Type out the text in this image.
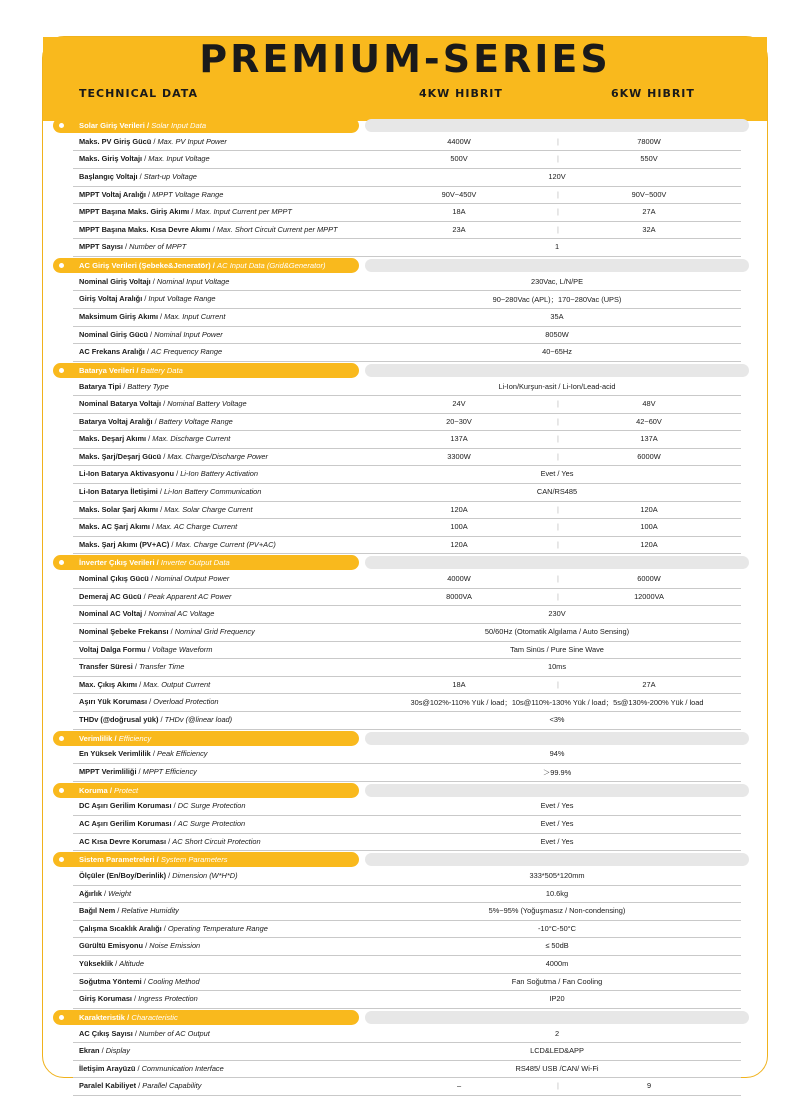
PREMIUM-SERIES
TECHNICAL DATA	4KW HIBRIT	6KW HIBRIT
Solar Giriş Verileri / Solar Input Data
Maks. PV Giriş Gücü / Max. PV Input Power	4400W	|	7800W
Maks. Giriş Voltajı / Max. Input Voltage	500V	|	550V
Başlangıç Voltajı / Start-up Voltage	120V
MPPT Voltaj Aralığı / MPPT Voltage Range	90V~450V	|	90V~500V
MPPT Başına Maks. Giriş Akımı / Max. Input Current per MPPT	18A	|	27A
MPPT Başına Maks. Kısa Devre Akımı / Max. Short Circuit Current per MPPT	23A	|	32A
MPPT Sayısı / Number of MPPT	1
AC Giriş Verileri (Şebeke&Jeneratör) / AC Input Data (Grid&Generator)
Nominal Giriş Voltajı / Nominal Input Voltage	230Vac, L/N/PE
Giriş Voltaj Aralığı / Input Voltage Range	90~280Vac (APL)；170~280Vac (UPS)
Maksimum Giriş Akımı / Max. Input Current	35A
Nominal Giriş Gücü / Nominal Input Power	8050W
AC Frekans Aralığı / AC Frequency Range	40~65Hz
Batarya Verileri / Battery Data
Batarya Tipi / Battery Type	Li-Ion/Kurşun-asit / Li-Ion/Lead-acid
Nominal Batarya Voltajı / Nominal Battery Voltage	24V	|	48V
Batarya Voltaj Aralığı / Battery Voltage Range	20~30V	|	42~60V
Maks. Deşarj Akımı / Max. Discharge Current	137A	|	137A
Maks. Şarj/Deşarj Gücü / Max. Charge/Discharge Power	3300W	|	6000W
Li-Ion Batarya Aktivasyonu / Li-Ion Battery Activation	Evet / Yes
Li-Ion Batarya İletişimi / Li-Ion Battery Communication	CAN/RS485
Maks. Solar Şarj Akımı / Max. Solar Charge Current	120A	|	120A
Maks. AC Şarj Akımı / Max. AC Charge Current	100A	|	100A
Maks. Şarj Akımı (PV+AC) / Max. Charge Current (PV+AC)	120A	|	120A
İnverter Çıkış Verileri / Inverter Output Data
Nominal Çıkış Gücü / Nominal Output Power	4000W	|	6000W
Demeraj AC Gücü / Peak Apparent AC Power	8000VA	|	12000VA
Nominal AC Voltaj / Nominal AC Voltage	230V
Nominal Şebeke Frekansı / Nominal Grid Frequency	50/60Hz (Otomatik Algılama / Auto Sensing)
Voltaj Dalga Formu / Voltage Waveform	Tam Sinüs / Pure Sine Wave
Transfer Süresi / Transfer Time	10ms
Max. Çıkış Akımı / Max. Output Current	18A	|	27A
Aşırı Yük Koruması / Overload Protection	30s@102%-110% Yük / load；10s@110%-130% Yük / load；5s@130%-200% Yük / load
THDv (@doğrusal yük) / THDv (@linear load)	<3%
Verimlilik / Efficiency
En Yüksek Verimlilik / Peak Efficiency	94%
MPPT Verimliliği / MPPT Efficiency	＞99.9%
Koruma / Protect
DC Aşırı Gerilim Koruması / DC Surge Protection	Evet / Yes
AC Aşırı Gerilim Koruması / AC Surge Protection	Evet / Yes
AC Kısa Devre Koruması / AC Short Circuit Protection	Evet / Yes
Sistem Parametreleri / System Parameters
Ölçüler (En/Boy/Derinlik) / Dimension (W*H*D)	333*505*120mm
Ağırlık / Weight	10.6kg
Bağıl Nem / Relative Humidity	5%~95% (Yoğuşmasız / Non-condensing)
Çalışma Sıcaklık Aralığı / Operating Temperature Range	-10°C-50°C
Gürültü Emisyonu / Noise Emission	≤ 50dB
Yükseklik / Altitude	4000m
Soğutma Yöntemi / Cooling Method	Fan Soğutma / Fan Cooling
Giriş Koruması / Ingress Protection	IP20
Karakteristik / Characteristic
AC Çıkış Sayısı / Number of AC Output	2
Ekran / Display	LCD&LED&APP
İletişim Arayüzü / Communication Interface	RS485/ USB /CAN/ Wi-Fi
Paralel Kabiliyet / Parallel Capability	–	|	9
